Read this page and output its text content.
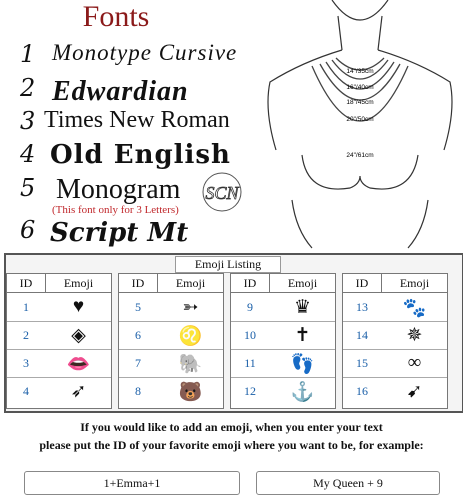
Fonts
1
2
3
4
5
6
Monotype Cursive
Edwardian
Times New Roman
Old English
Monogram
(This font only for 3 Letters)
Script Mt
SCN
14"/35cm
16"/40cm
18"/45cm
20"/50cm
24"/61cm
Emoji Listing
ID	Emoji
1	♥
2	◈
3	👄
4	➶
ID	Emoji
5	➳
6	♌
7	🐘
8	🐻
ID	Emoji
9	♛
10	✝
11	👣
12	⚓
ID	Emoji
13	🐾
14	✵
15	∞
16	➹
If you would like to add an emoji, when you enter your text
please put the ID of your favorite emoji where you want to be, for example:
1+Emma+1	My Queen + 9
